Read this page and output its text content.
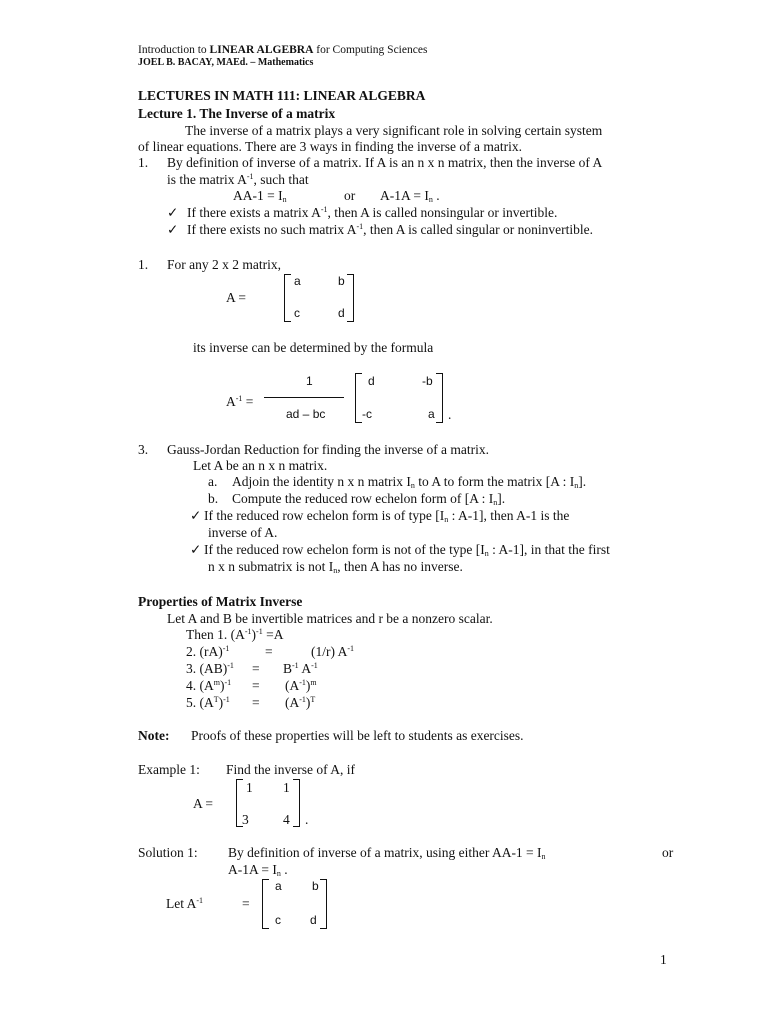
Introduction to LINEAR ALGEBRA for Computing Sciences
JOEL B. BACAY, MAEd. – Mathematics
LECTURES IN MATH 111: LINEAR ALGEBRA
Lecture 1. The Inverse of a matrix
The inverse of a matrix plays a very significant role in solving certain system
of linear equations. There are 3 ways in finding the inverse of a matrix.
1. By definition of inverse of a matrix. If A is an n x n matrix, then the inverse of A
is the matrix $A^{-1}$, such that
$AA-1 = I_n$	or $A-1A = I_n$ .
✓ If there exists a matrix $A^{-1}$, then A is called nonsingular or invertible.
✓ If there exists no such matrix $A^{-1}$, then A is called singular or noninvertible.
1. For any 2 x 2 matrix,
A =
a	b
c	d
its inverse can be determined by the formula
$A^{-1}$ =
1
ad – bc
d	-b
-c	a .
3. Gauss-Jordan Reduction for finding the inverse of a matrix.
Let A be an n x n matrix.
a. Adjoin the identity n x n matrix $I_n$ to A to form the matrix [A : $I_n$].
b. Compute the reduced row echelon form of [A : $I_n$].
✓ If the reduced row echelon form is of type [$I_n$ : A-1], then A-1 is the
inverse of A.
✓ If the reduced row echelon form is not of the type [$I_n$ : A-1], in that the first
n x n submatrix is not $I_n$, then A has no inverse.
Properties of Matrix Inverse
Let A and B be invertible matrices and r be a nonzero scalar.
Then 1. $(A^{-1})^{-1} =A$
2. (rA)$^{-1}$	=	(1/r) $A^{-1}$
3. $(AB)^{-1} = B^{-1}$ $A^{-1}$
4. $(A^m)^{-1} = (A^{-1})^m$
5. $(A^T)^{-1} = (A^{-1})^T$
Note: Proofs of these properties will be left to students as exercises.
Example 1: Find the inverse of A, if
A =
1 1
3	4 .
Solution 1: By definition of inverse of a matrix, using either $AA-1 = I_n$	or
$A-1A = I_n$ .
Let $A^{-1}$	=
a	b
c d
1
